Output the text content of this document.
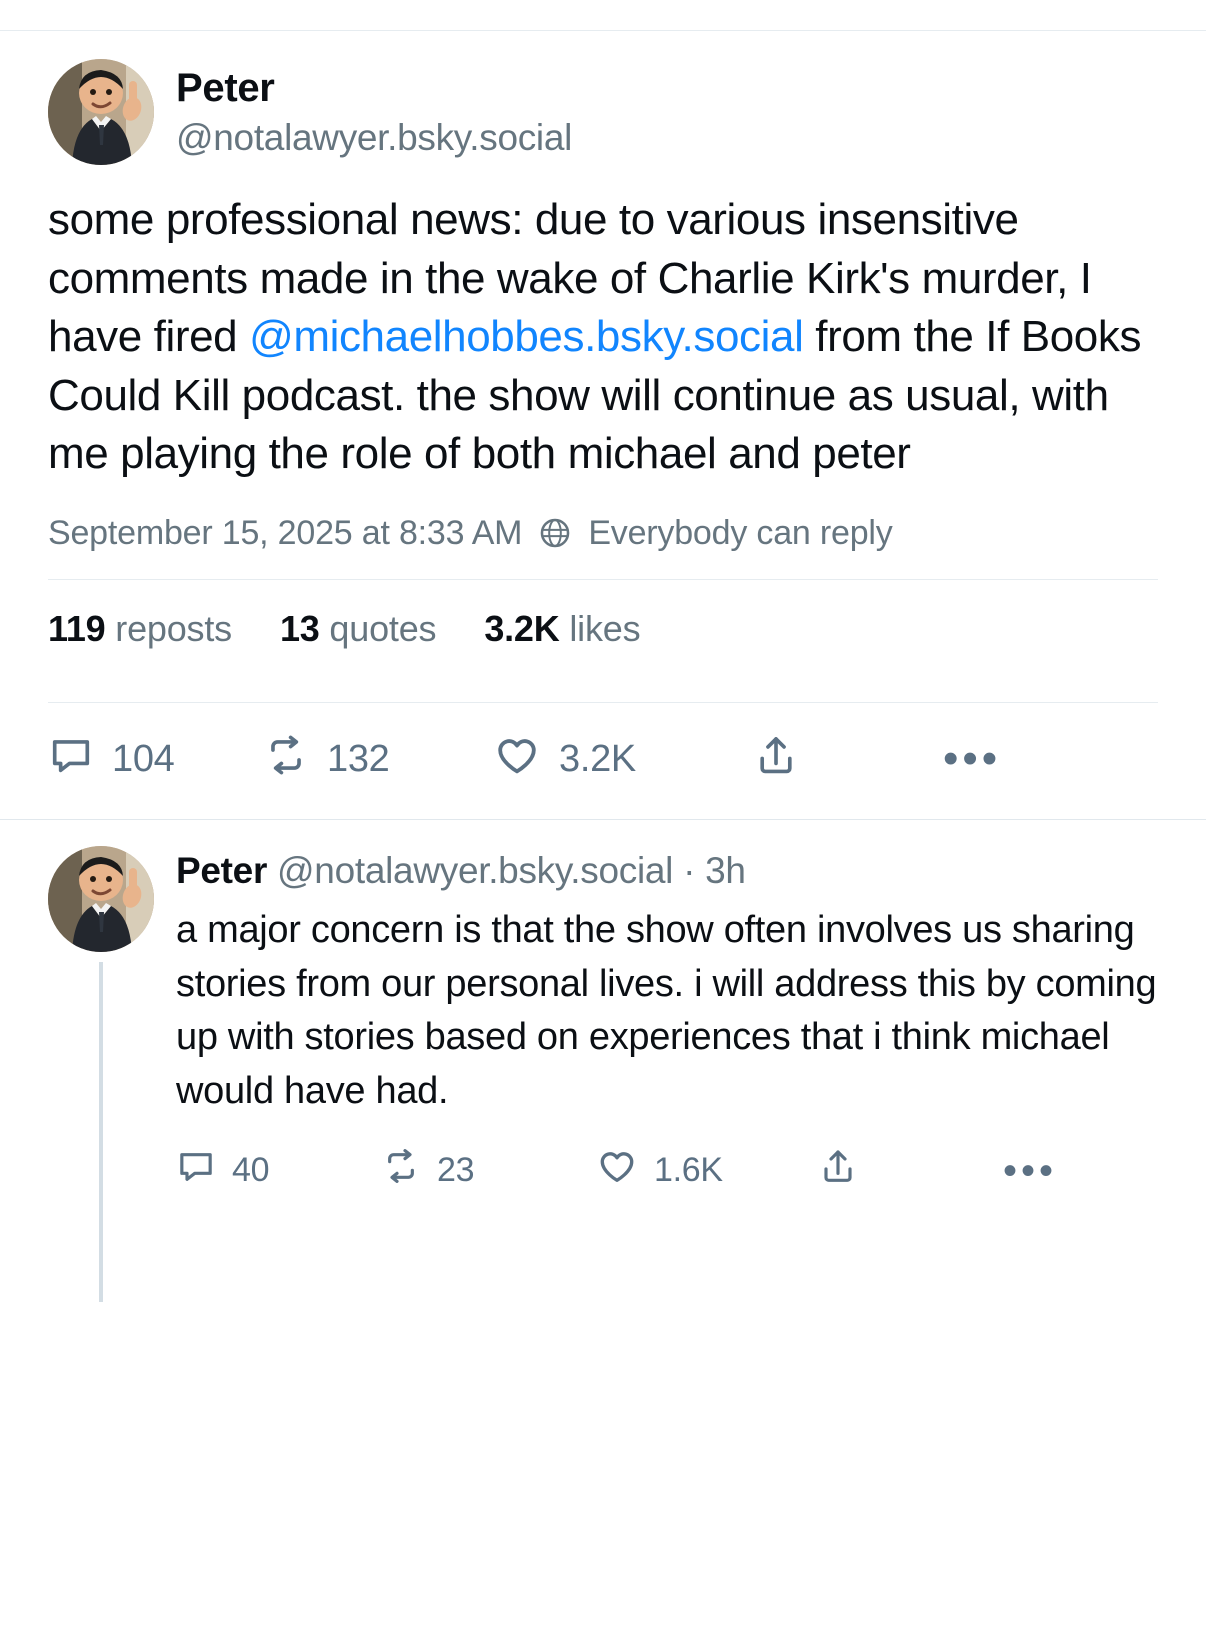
Peter
@notalawyer.bsky.social
some professional news: due to various insensitive comments made in the wake of Charlie Kirk's murder, I have fired @michaelhobbes.bsky.social from the If Books Could Kill podcast. the show will continue as usual, with me playing the role of both michael and peter
September 15, 2025 at 8:33 AM Everybody can reply
119 reposts 13 quotes 3.2K likes
104	132	3.2K	•••
Peter @notalawyer.bsky.social · 3h
a major concern is that the show often involves us sharing stories from our personal lives. i will address this by coming up with stories based on experiences that i think michael would have had.
40	23	1.6K	•••
